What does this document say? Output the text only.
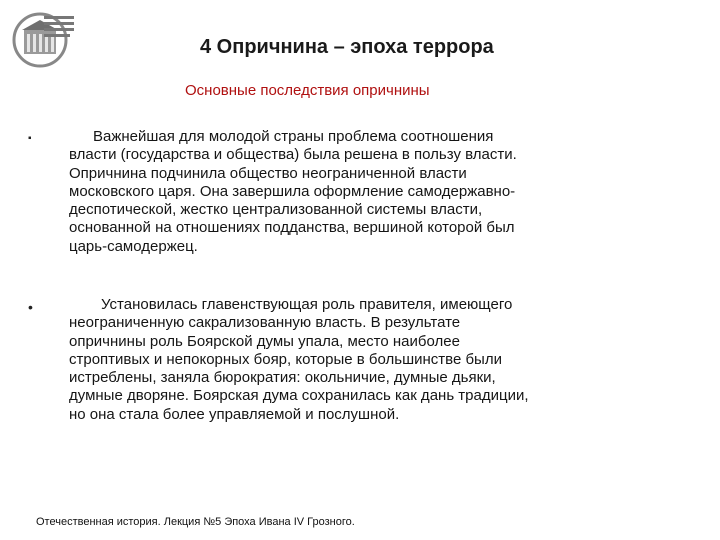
4 Опричнина – эпоха террора
Основные последствия опричнины
▪	Важнейшая для молодой страны проблема соотношения
власти (государства и общества) была решена в пользу власти.
Опричнина подчинила общество неограниченной власти
московского царя. Она завершила оформление самодержавно-
деспотической, жестко централизованной системы власти,
основанной на отношениях подданства, вершиной которой был
царь-самодержец.
•	Установилась главенствующая роль правителя, имеющего
неограниченную сакрализованную власть. В результате
опричнины роль Боярской думы упала, место наиболее
строптивых и непокорных бояр, которые в большинстве были
истреблены, заняла бюрократия: окольничие, думные дьяки,
думные дворяне. Боярская дума сохранилась как дань традиции,
но она стала более управляемой и послушной.
Отечественная история. Лекция №5 Эпоха Ивана IV Грозного.
